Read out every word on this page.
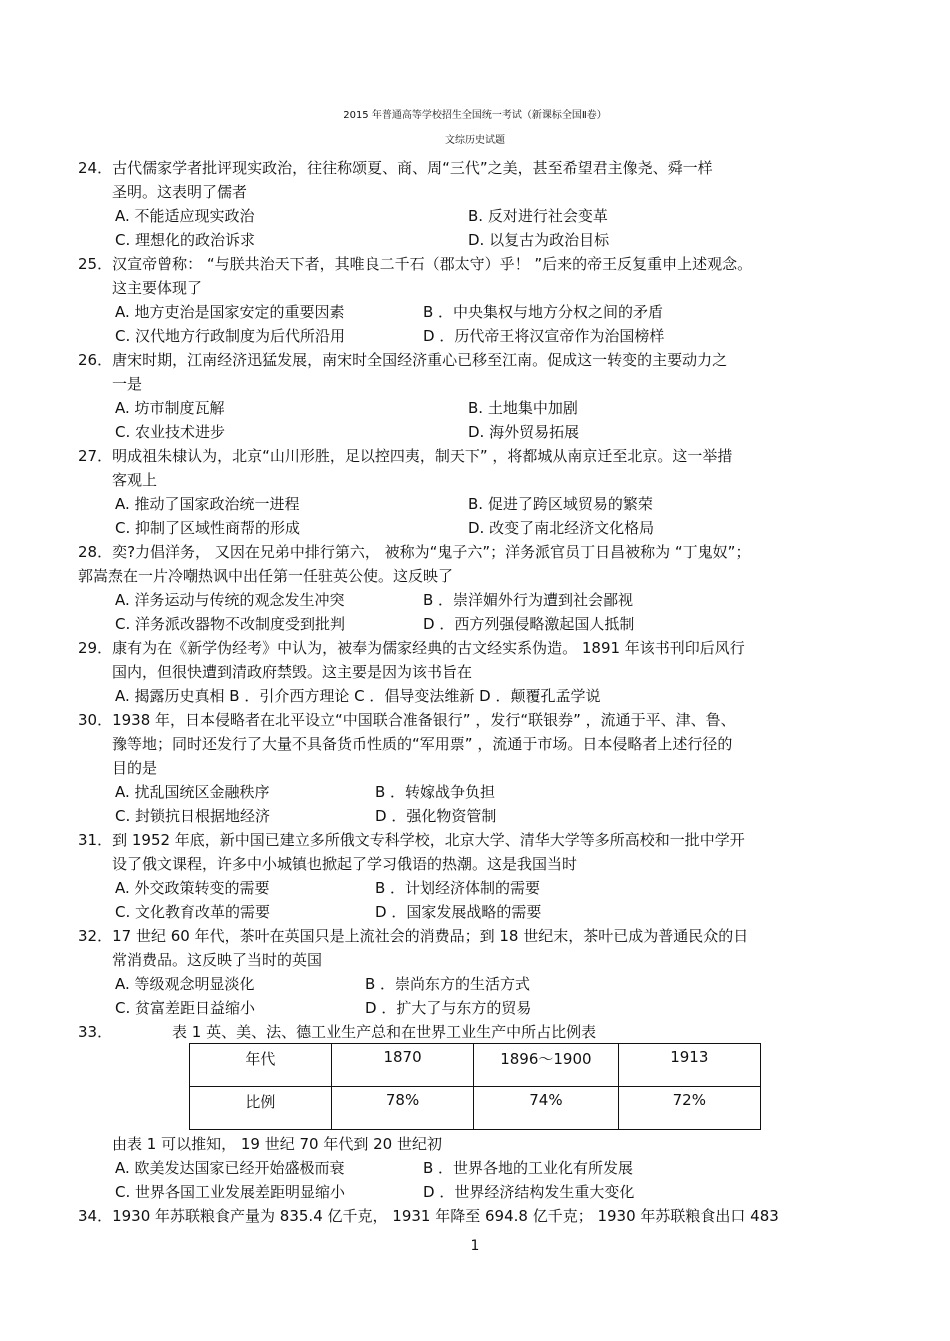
2015 年普通高等学校招生全国统一考试（新课标全国Ⅱ卷）
文综历史试题
24．古代儒家学者批评现实政治，往往称颂夏、商、周“三代”之美，甚至希望君主像尧、舜一样
圣明。这表明了儒者
A. 不能适应现实政治	B. 反对进行社会变革
C. 理想化的政治诉求	D. 以复古为政治目标
25．汉宣帝曾称： “与朕共治天下者，其唯良二千石（郡太守）乎！ ”后来的帝王反复重申上述观念。
这主要体现了
A. 地方吏治是国家安定的重要因素	B ．中央集权与地方分权之间的矛盾
C. 汉代地方行政制度为后代所沿用	D ．历代帝王将汉宣帝作为治国榜样
26．唐宋时期，江南经济迅猛发展，南宋时全国经济重心已移至江南。促成这一转变的主要动力之
一是
A. 坊市制度瓦解	B. 土地集中加剧
C. 农业技术进步	D. 海外贸易拓展
27．明成祖朱棣认为，北京“山川形胜，足以控四夷，制天下” ，将都城从南京迁至北京。这一举措
客观上
A. 推动了国家政治统一进程	B. 促进了跨区域贸易的繁荣
C. 抑制了区域性商帮的形成	D. 改变了南北经济文化格局
28．奕?力倡洋务， 又因在兄弟中排行第六， 被称为“鬼子六”；洋务派官员丁日昌被称为 “丁鬼奴”；
郭嵩焘在一片冷嘲热讽中出任第一任驻英公使。这反映了
A. 洋务运动与传统的观念发生冲突	B ．崇洋媚外行为遭到社会鄙视
C. 洋务派改器物不改制度受到批判	D ．西方列强侵略激起国人抵制
29．康有为在《新学伪经考》中认为，被奉为儒家经典的古文经实系伪造。 1891 年该书刊印后风行
国内，但很快遭到清政府禁毁。这主要是因为该书旨在
A. 揭露历史真相 B ．引介西方理论 C ．倡导变法维新 D ．颠覆孔孟学说
30．1938 年，日本侵略者在北平设立“中国联合准备银行” ，发行“联银券” ，流通于平、津、鲁、
豫等地；同时还发行了大量不具备货币性质的“军用票” ，流通于市场。日本侵略者上述行径的
目的是
A. 扰乱国统区金融秩序	B ．转嫁战争负担
C. 封锁抗日根据地经济	D ．强化物资管制
31．到 1952 年底，新中国已建立多所俄文专科学校，北京大学、清华大学等多所高校和一批中学开
设了俄文课程，许多中小城镇也掀起了学习俄语的热潮。这是我国当时
A. 外交政策转变的需要	B ．计划经济体制的需要
C. 文化教育改革的需要	D ．国家发展战略的需要
32．17 世纪 60 年代，茶叶在英国只是上流社会的消费品；到 18 世纪末，茶叶已成为普通民众的日
常消费品。这反映了当时的英国
A. 等级观念明显淡化	B ．崇尚东方的生活方式
C. 贫富差距日益缩小	D ．扩大了与东方的贸易
33．	表 1 英、美、法、德工业生产总和在世界工业生产中所占比例表
年代	1870	1896～1900	1913
比例	78%	74%	72%
由表 1 可以推知， 19 世纪 70 年代到 20 世纪初
A. 欧美发达国家已经开始盛极而衰	B ．世界各地的工业化有所发展
C. 世界各国工业发展差距明显缩小	D ．世界经济结构发生重大变化
34．1930 年苏联粮食产量为 835.4 亿千克， 1931 年降至 694.8 亿千克； 1930 年苏联粮食出口 483
1
